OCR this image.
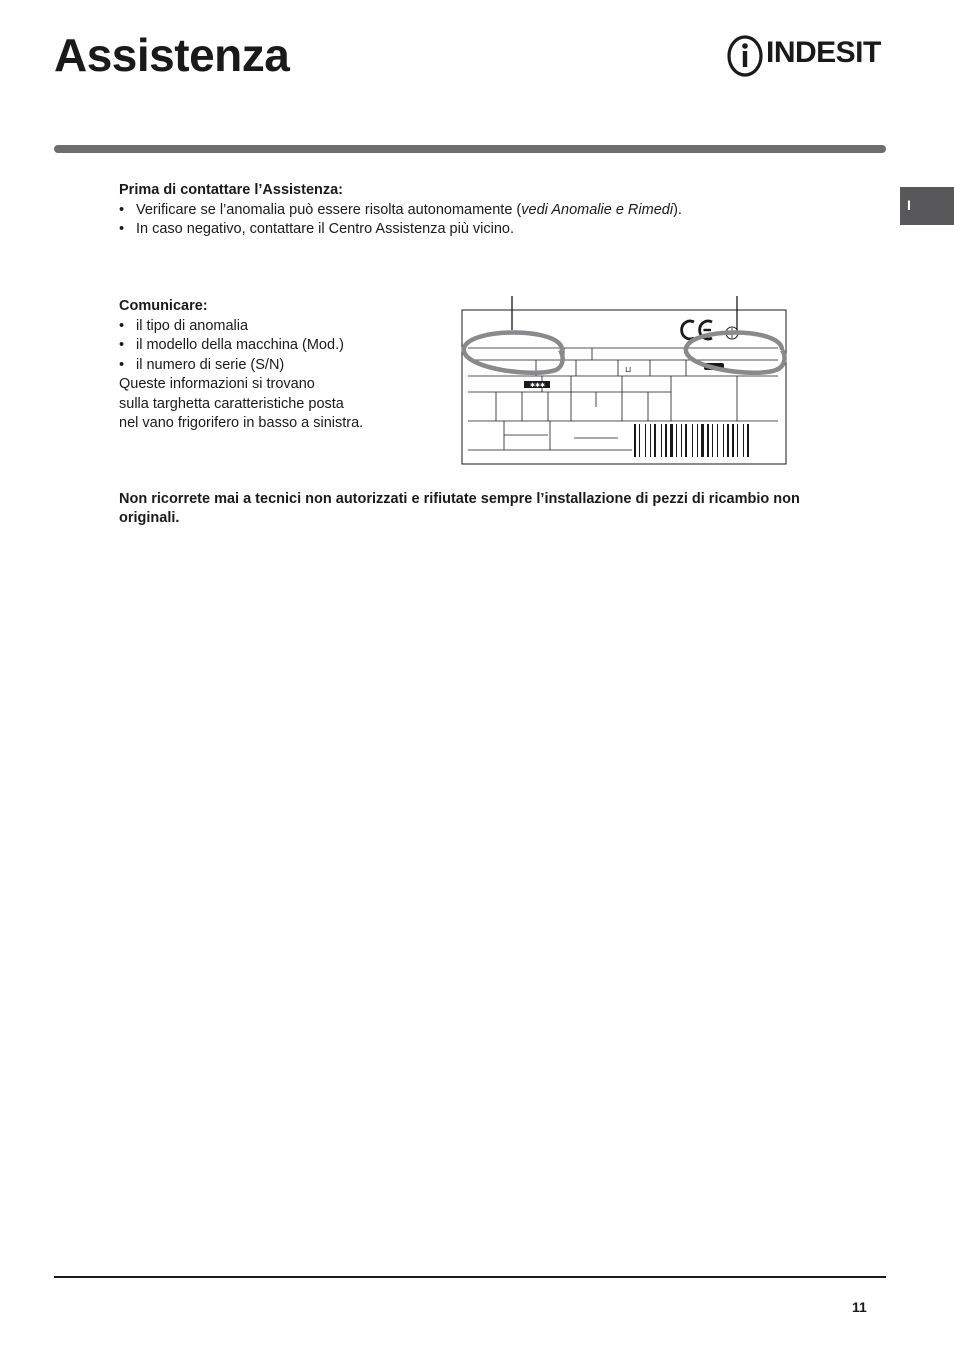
Assistenza	INDESIT
I
Prima di contattare l’Assistenza:
• Verificare se l’anomalia può essere risolta autonomamente (vedi Anomalie e Rimedi).
• In caso negativo, contattare il Centro Assistenza più vicino.
Comunicare:
• il tipo di anomalia
• il modello della macchina (Mod.)
• il numero di serie (S/N)
Queste informazioni si trovano
sulla targhetta caratteristiche posta
nel vano frigorifero in basso a sinistra.
✱✱✱
⊔
Non ricorrete mai a tecnici non autorizzati e rifiutate sempre l’installazione di pezzi di ricambio non originali.
11
